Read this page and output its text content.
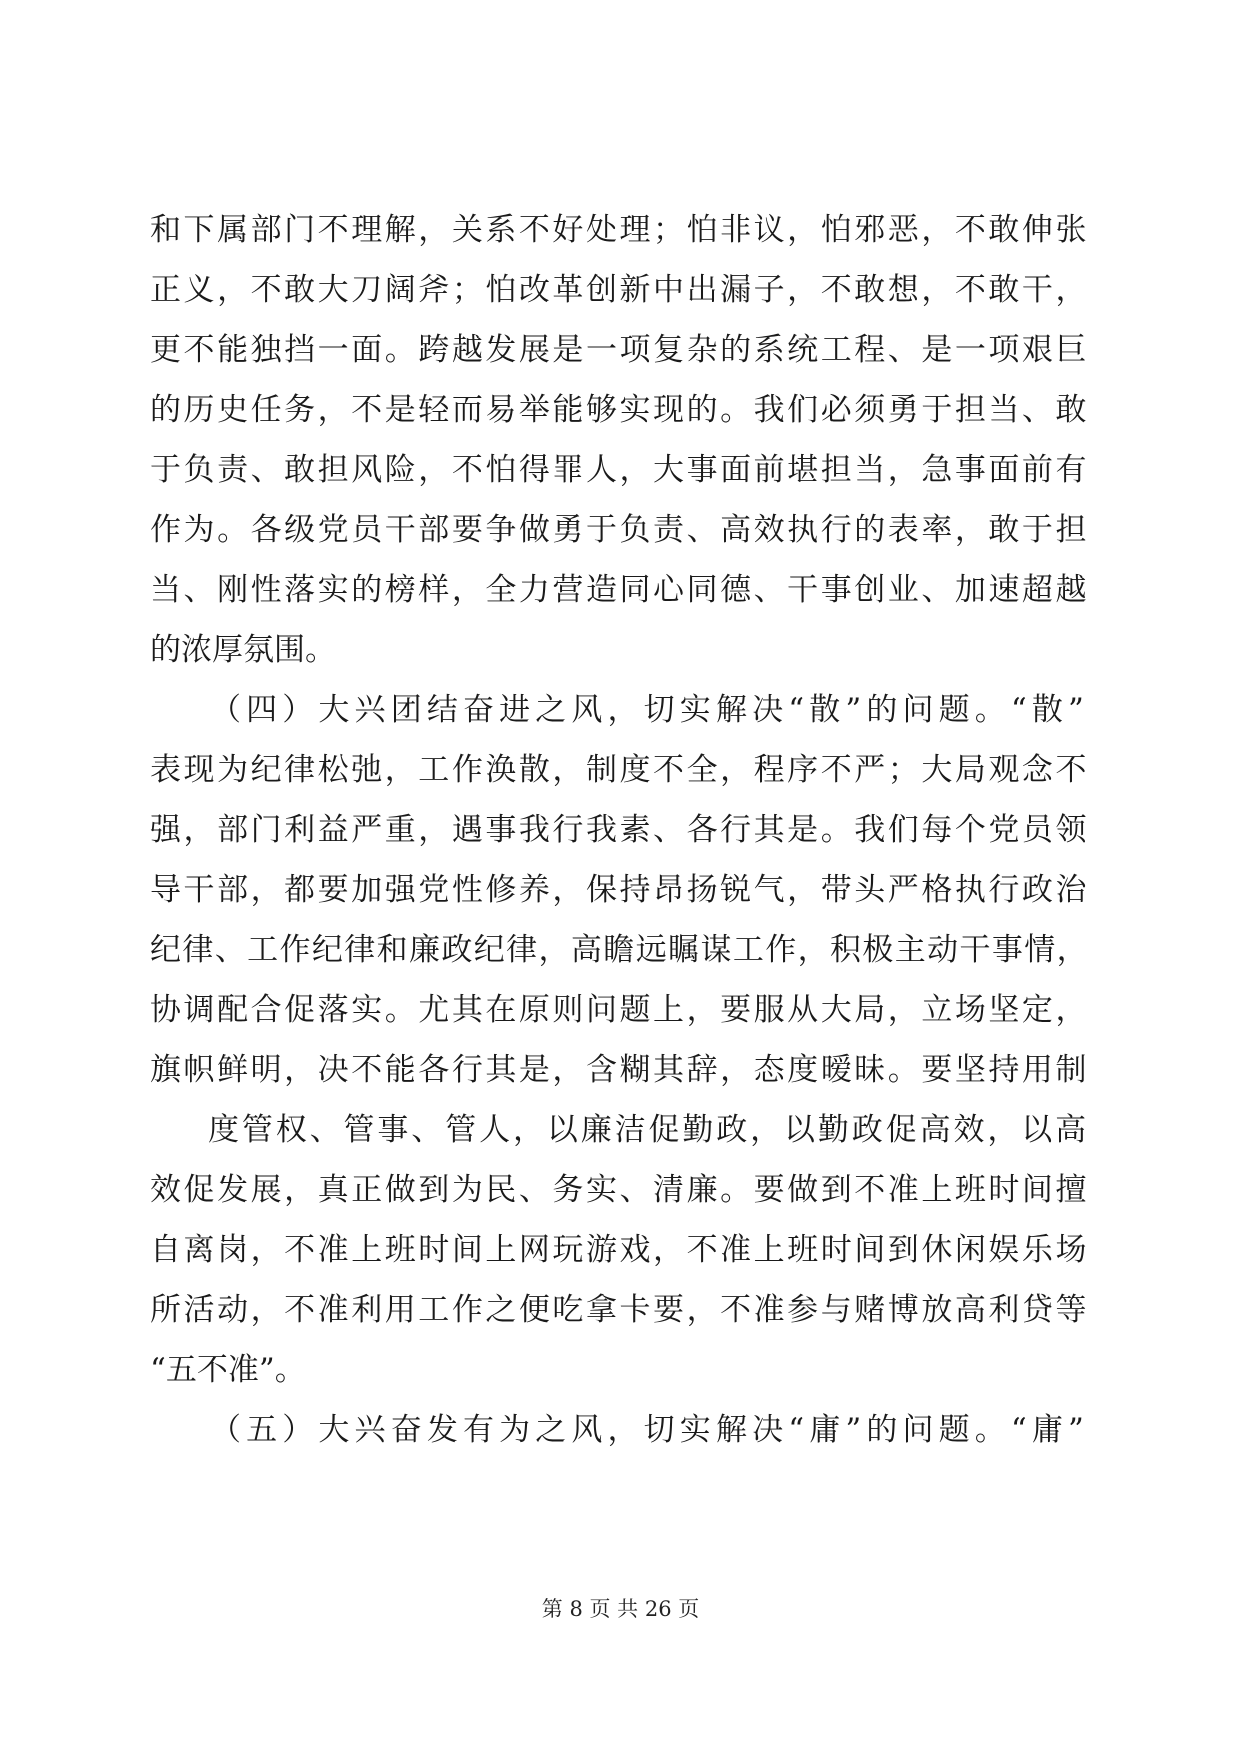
和下属部门不理解，关系不好处理；怕非议，怕邪恶，不敢伸张
正义，不敢大刀阔斧；怕改革创新中出漏子，不敢想，不敢干，
更不能独挡一面。跨越发展是一项复杂的系统工程、是一项艰巨
的历史任务，不是轻而易举能够实现的。我们必须勇于担当、敢
于负责、敢担风险，不怕得罪人，大事面前堪担当，急事面前有
作为。各级党员干部要争做勇于负责、高效执行的表率，敢于担
当、刚性落实的榜样，全力营造同心同德、干事创业、加速超越
的浓厚氛围。
（四）大兴团结奋进之风，切实解决“散”的问题。“散”
表现为纪律松弛，工作涣散，制度不全，程序不严；大局观念不
强，部门利益严重，遇事我行我素、各行其是。我们每个党员领
导干部，都要加强党性修养，保持昂扬锐气，带头严格执行政治
纪律、工作纪律和廉政纪律，高瞻远瞩谋工作，积极主动干事情，
协调配合促落实。尤其在原则问题上，要服从大局，立场坚定，
旗帜鲜明，决不能各行其是，含糊其辞，态度暧昧。要坚持用制
度管权、管事、管人，以廉洁促勤政，以勤政促高效，以高
效促发展，真正做到为民、务实、清廉。要做到不准上班时间擅
自离岗，不准上班时间上网玩游戏，不准上班时间到休闲娱乐场
所活动，不准利用工作之便吃拿卡要，不准参与赌博放高利贷等
“五不准”。
（五）大兴奋发有为之风，切实解决“庸”的问题。“庸”
第 8 页 共 26 页
